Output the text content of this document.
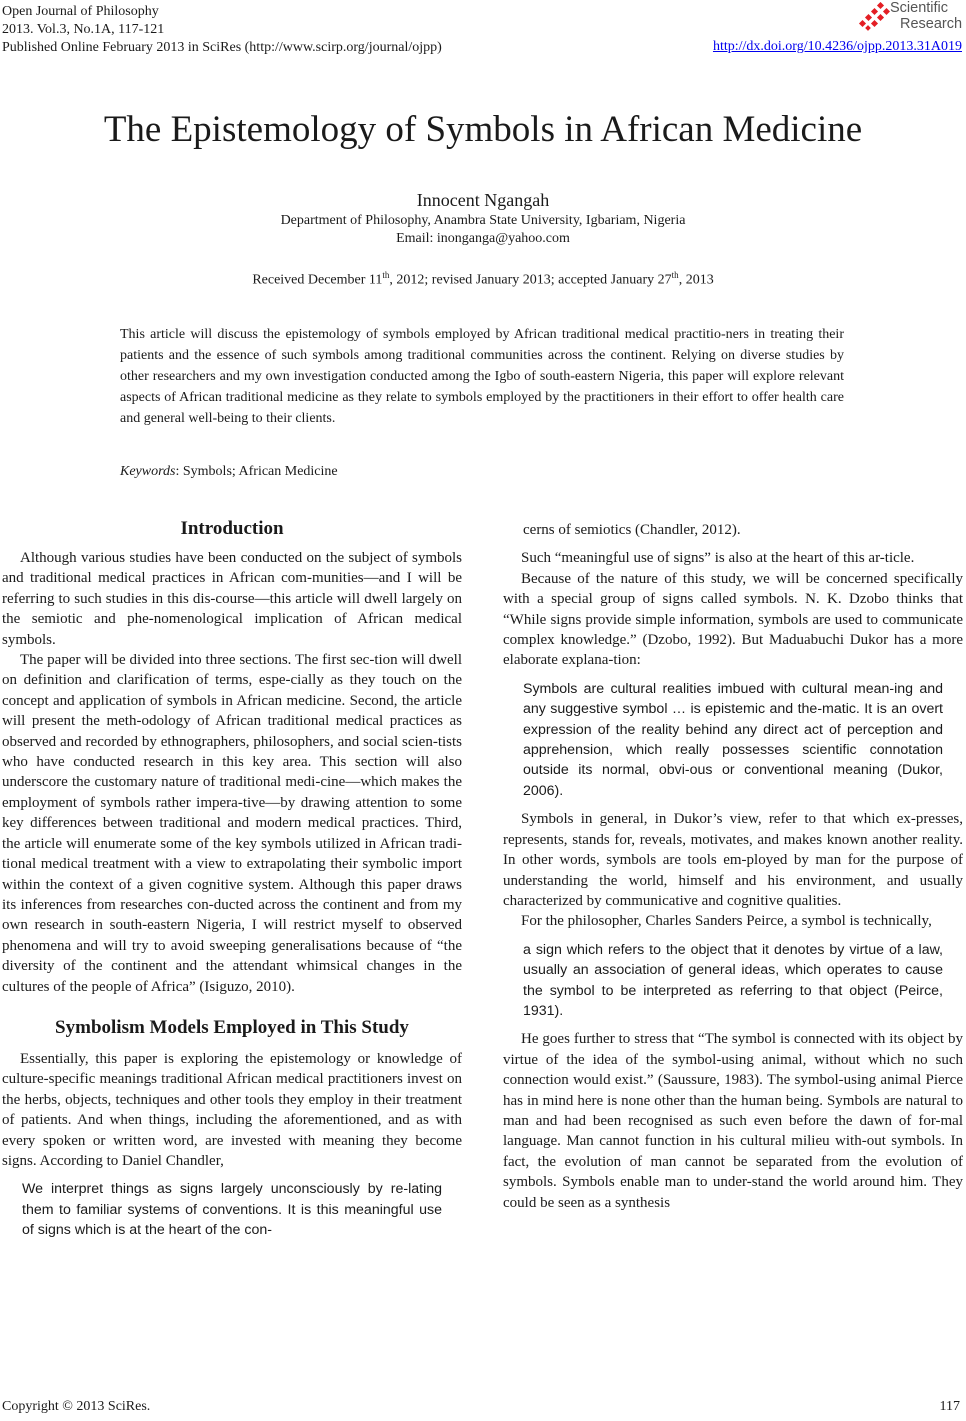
Open Journal of Philosophy
2013. Vol.3, No.1A, 117-121
Published Online February 2013 in SciRes (http://www.scirp.org/journal/ojpp)
Scientific
Research
http://dx.doi.org/10.4236/ojpp.2013.31A019
The Epistemology of Symbols in African Medicine
Innocent Ngangah
Department of Philosophy, Anambra State University, Igbariam, Nigeria
Email: inonganga@yahoo.com
Received December 11th, 2012; revised January 2013; accepted January 27th, 2013
This article will discuss the epistemology of symbols employed by African traditional medical practitio-ners in treating their patients and the essence of such symbols among traditional communities across the continent. Relying on diverse studies by other researchers and my own investigation conducted among the Igbo of south-eastern Nigeria, this paper will explore relevant aspects of African traditional medicine as they relate to symbols employed by the practitioners in their effort to offer health care and general well-being to their clients.
Keywords: Symbols; African Medicine
Introduction

Although various studies have been conducted on the subject of symbols and traditional medical practices in African com-munities—and I will be referring to such studies in this dis-course—this article will dwell largely on the semiotic and phe-nomenological implication of African medical symbols.

The paper will be divided into three sections. The first sec-tion will dwell on definition and clarification of terms, espe-cially as they touch on the concept and application of symbols in African medicine. Second, the article will present the meth-odology of African traditional medical practices as observed and recorded by ethnographers, philosophers, and social scien-tists who have conducted research in this key area. This section will also underscore the customary nature of traditional medi-cine—which makes the employment of symbols rather impera-tive—by drawing attention to some key differences between traditional and modern medical practices. Third, the article will enumerate some of the key symbols utilized in African tradi-tional medical treatment with a view to extrapolating their symbolic import within the context of a given cognitive system. Although this paper draws its inferences from researches con-ducted across the continent and from my own research in south-eastern Nigeria, I will restrict myself to observed phenomena and will try to avoid sweeping generalisations because of “the diversity of the continent and the attendant whimsical changes in the cultures of the people of Africa” (Isiguzo, 2010).

Symbolism Models Employed in This Study

Essentially, this paper is exploring the epistemology or knowledge of culture-specific meanings traditional African medical practitioners invest on the herbs, objects, techniques and other tools they employ in their treatment of patients. And when things, including the aforementioned, and as with every spoken or written word, are invested with meaning they become signs. According to Daniel Chandler,

We interpret things as signs largely unconsciously by re-lating them to familiar systems of conventions. It is this meaningful use of signs which is at the heart of the con-

cerns of semiotics (Chandler, 2012).

Such “meaningful use of signs” is also at the heart of this ar-ticle.

Because of the nature of this study, we will be concerned specifically with a special group of signs called symbols. N. K. Dzobo thinks that “While signs provide simple information, symbols are used to communicate complex knowledge.” (Dzobo, 1992). But Maduabuchi Dukor has a more elaborate explana-tion:

Symbols are cultural realities imbued with cultural mean-ing and any suggestive symbol … is epistemic and the-matic. It is an overt expression of the reality behind any direct act of perception and apprehension, which really possesses scientific connotation outside its normal, obvi-ous or conventional meaning (Dukor, 2006).

Symbols in general, in Dukor’s view, refer to that which ex-presses, represents, stands for, reveals, motivates, and makes known another reality. In other words, symbols are tools em-ployed by man for the purpose of understanding the world, himself and his environment, and usually characterized by communicative and cognitive qualities.

For the philosopher, Charles Sanders Peirce, a symbol is technically,

a sign which refers to the object that it denotes by virtue of a law, usually an association of general ideas, which operates to cause the symbol to be interpreted as referring to that object (Peirce, 1931).

He goes further to stress that “The symbol is connected with its object by virtue of the idea of the symbol-using animal, without which no such connection would exist.” (Saussure, 1983). The symbol-using animal Pierce has in mind here is none other than the human being. Symbols are natural to man and had been recognised as such even before the dawn of for-mal language. Man cannot function in his cultural milieu with-out symbols. In fact, the evolution of man cannot be separated from the evolution of symbols. Symbols enable man to under-stand the world around him. They could be seen as a synthesis

Copyright © 2013 SciRes.	117
